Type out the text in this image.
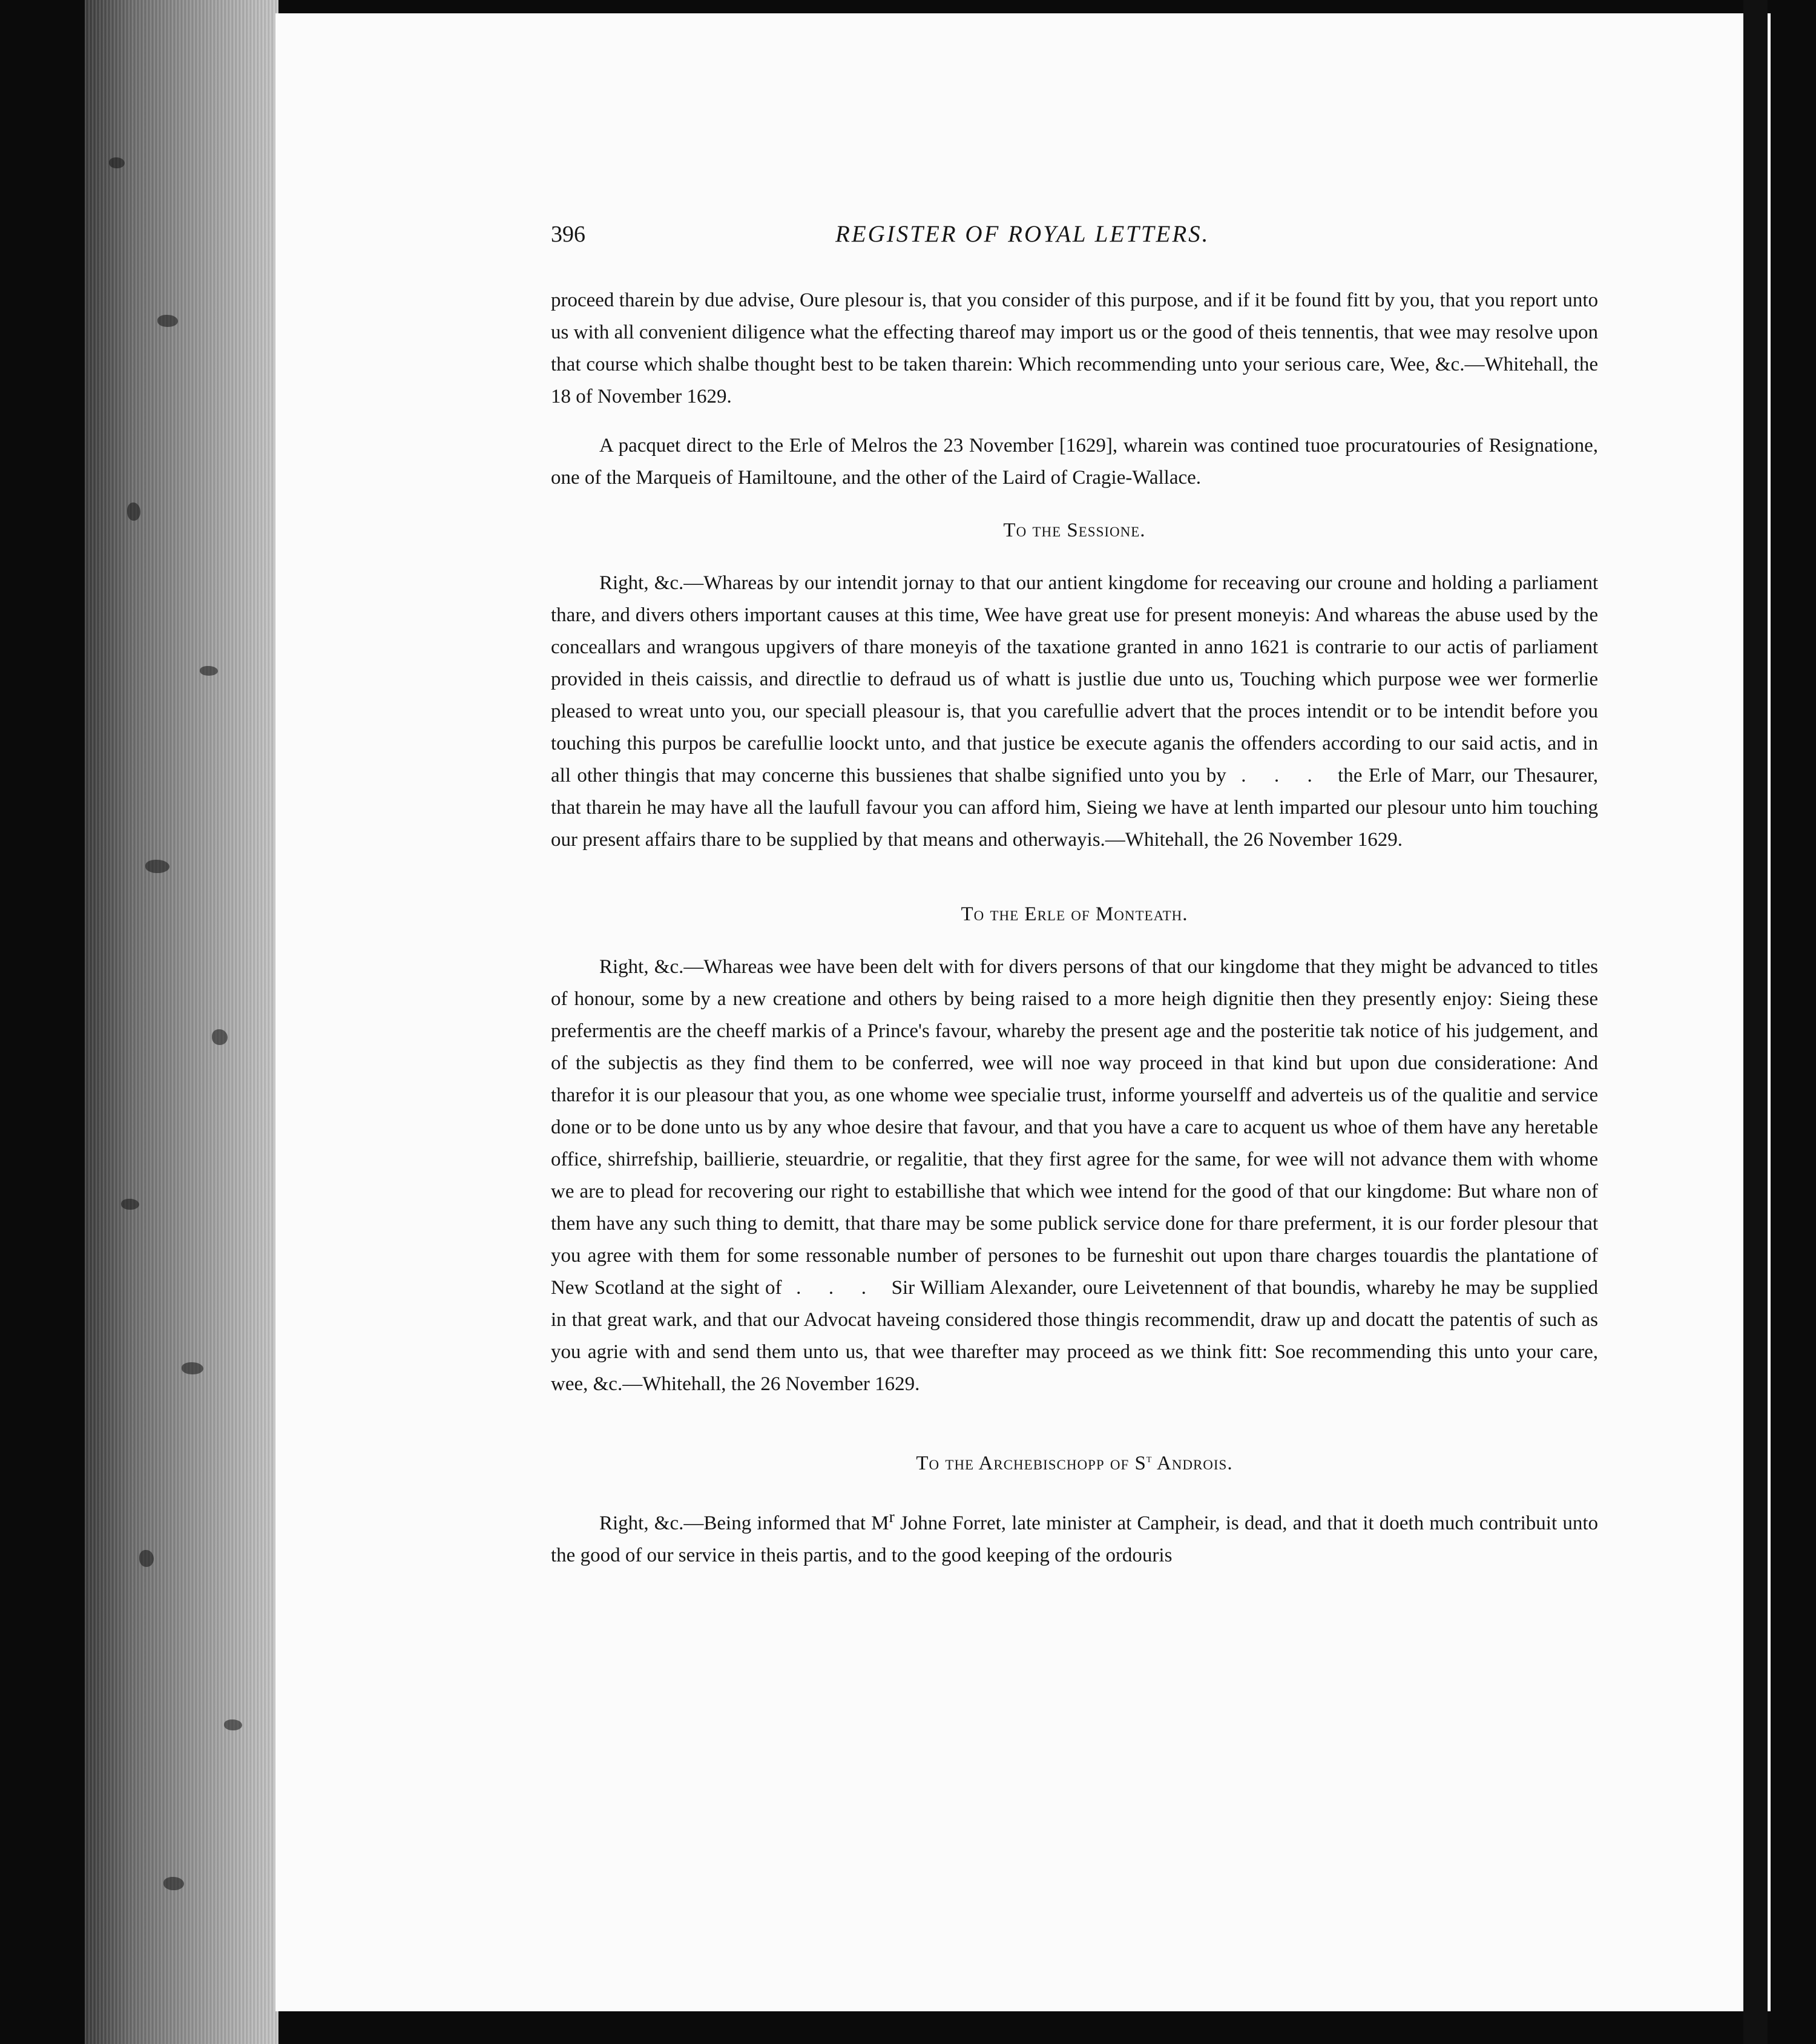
396	REGISTER OF ROYAL LETTERS.

proceed tharein by due advise, Oure plesour is, that you consider of this purpose, and if it be found fitt by you, that you report unto us with all convenient diligence what the effecting thareof may import us or the good of theis tennentis, that wee may resolve upon that course which shalbe thought best to be taken tharein: Which recommending unto your serious care, Wee, &c.—Whitehall, the 18 of November 1629.

A pacquet direct to the Erle of Melros the 23 November [1629], wharein was contined tuoe procuratouries of Resignatione, one of the Marqueis of Hamiltoune, and the other of the Laird of Cragie-Wallace.

To the Sessione.

Right, &c.—Whareas by our intendit jornay to that our antient kingdome for receaving our croune and holding a parliament thare, and divers others important causes at this time, Wee have great use for present moneyis: And whareas the abuse used by the conceallars and wrangous upgivers of thare moneyis of the taxatione granted in anno 1621 is contrarie to our actis of parliament provided in theis caissis, and directlie to defraud us of whatt is justlie due unto us, Touching which purpose wee wer formerlie pleased to wreat unto you, our speciall pleasour is, that you carefullie advert that the proces intendit or to be intendit before you touching this purpos be carefullie loockt unto, and that justice be execute aganis the offenders according to our said actis, and in all other thingis that may concerne this bussienes that shalbe signified unto you by . . . the Erle of Marr, our Thesaurer, that tharein he may have all the laufull favour you can afford him, Sieing we have at lenth imparted our plesour unto him touching our present affairs thare to be supplied by that means and otherwayis.—Whitehall, the 26 November 1629.

To the Erle of Monteath.

Right, &c.—Whareas wee have been delt with for divers persons of that our kingdome that they might be advanced to titles of honour, some by a new creatione and others by being raised to a more heigh dignitie then they presently enjoy: Sieing these prefermentis are the cheeff markis of a Prince's favour, whareby the present age and the posteritie tak notice of his judgement, and of the subjectis as they find them to be conferred, wee will noe way proceed in that kind but upon due consideratione: And tharefor it is our pleasour that you, as one whome wee specialie trust, informe yourselff and adverteis us of the qualitie and service done or to be done unto us by any whoe desire that favour, and that you have a care to acquent us whoe of them have any heretable office, shirrefship, baillierie, steuardrie, or regalitie, that they first agree for the same, for wee will not advance them with whome we are to plead for recovering our right to estabillishe that which wee intend for the good of that our kingdome: But whare non of them have any such thing to demitt, that thare may be some publick service done for thare preferment, it is our forder plesour that you agree with them for some ressonable number of persones to be furneshit out upon thare charges touardis the plantatione of New Scotland at the sight of . . . Sir William Alexander, oure Leivetennent of that boundis, whareby he may be supplied in that great wark, and that our Advocat haveing considered those thingis recommendit, draw up and docatt the patentis of such as you agrie with and send them unto us, that wee tharefter may proceed as we think fitt: Soe recommending this unto your care, wee, &c.—Whitehall, the 26 November 1629.

To the Archebischopp of $S^t$ Androis.

Right, &c.—Being informed that $M^r$ Johne Forret, late minister at Campheir, is dead, and that it doeth much contribuit unto the good of our service in theis partis, and to the good keeping of the ordouris
